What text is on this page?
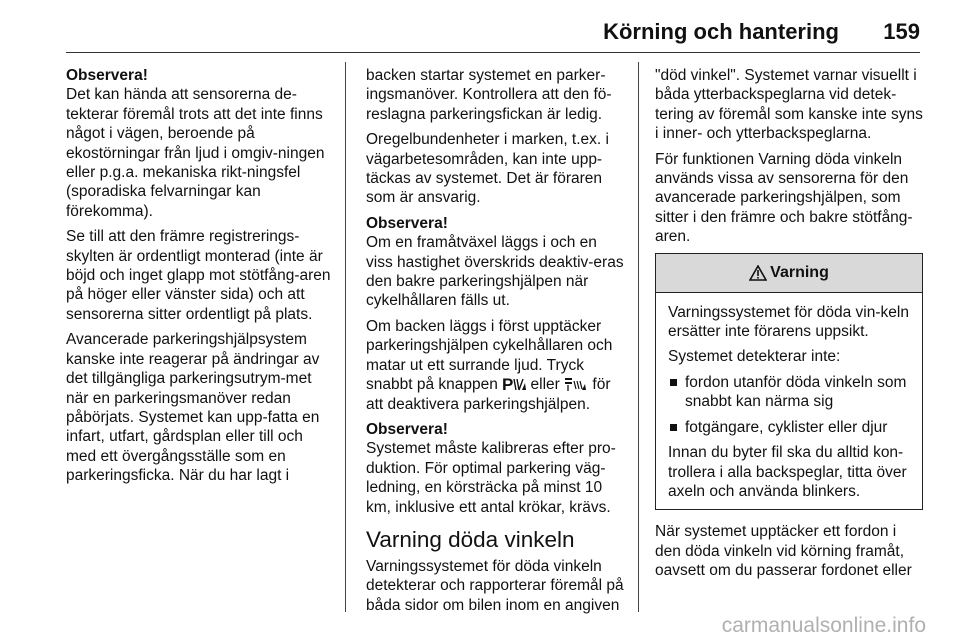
Körning och hantering 159

Observera!
Det kan hända att sensorerna de-tekterar föremål trots att det inte finns något i vägen, beroende på ekostörningar från ljud i omgiv-ningen eller p.g.a. mekaniska rikt-ningsfel (sporadiska felvarningar kan förekomma).

Se till att den främre registrerings-skylten är ordentligt monterad (inte är böjd och inget glapp mot stötfång-aren på höger eller vänster sida) och att sensorerna sitter ordentligt på plats.

Avancerade parkeringshjälpsystem kanske inte reagerar på ändringar av det tillgängliga parkeringsutrym-met när en parkeringsmanöver redan påbörjats. Systemet kan upp-fatta en infart, utfart, gårdsplan eller till och med ett övergångsställe som en parkeringsficka. När du har lagt i

backen startar systemet en parker-ingsmanöver. Kontrollera att den fö-reslagna parkeringsfickan är ledig.

Oregelbundenheter i marken, t.ex. i vägarbetesområden, kan inte upp-täckas av systemet. Det är föraren som är ansvarig.

Observera!
Om en framåtväxel läggs i och en viss hastighet överskrids deaktiv-eras den bakre parkeringshjälpen när cykelhållaren fälls ut.

Om backen läggs i först upptäcker parkeringshjälpen cykelhållaren och matar ut ett surrande ljud. Tryck snabbt på knappen P eller för att deaktivera parkeringshjälpen.

Observera!
Systemet måste kalibreras efter pro-duktion. För optimal parkering väg-ledning, en körsträcka på minst 10 km, inklusive ett antal krökar, krävs.

Varning döda vinkeln

Varningssystemet för döda vinkeln detekterar och rapporterar föremål på båda sidor om bilen inom en angiven

"död vinkel". Systemet varnar visuellt i båda ytterbackspeglarna vid detek-tering av föremål som kanske inte syns i inner- och ytterbackspeglarna.

För funktionen Varning döda vinkeln används vissa av sensorerna för den avancerade parkeringshjälpen, som sitter i den främre och bakre stötfång-aren.

Varning

Varningssystemet för döda vin-keln ersätter inte förarens uppsikt.

Systemet detekterar inte:

fordon utanför döda vinkeln som snabbt kan närma sig
fotgängare, cyklister eller djur

Innan du byter fil ska du alltid kon-trollera i alla backspeglar, titta över axeln och använda blinkers.

När systemet upptäcker ett fordon i den döda vinkeln vid körning framåt, oavsett om du passerar fordonet eller

carmanualsonline.info
